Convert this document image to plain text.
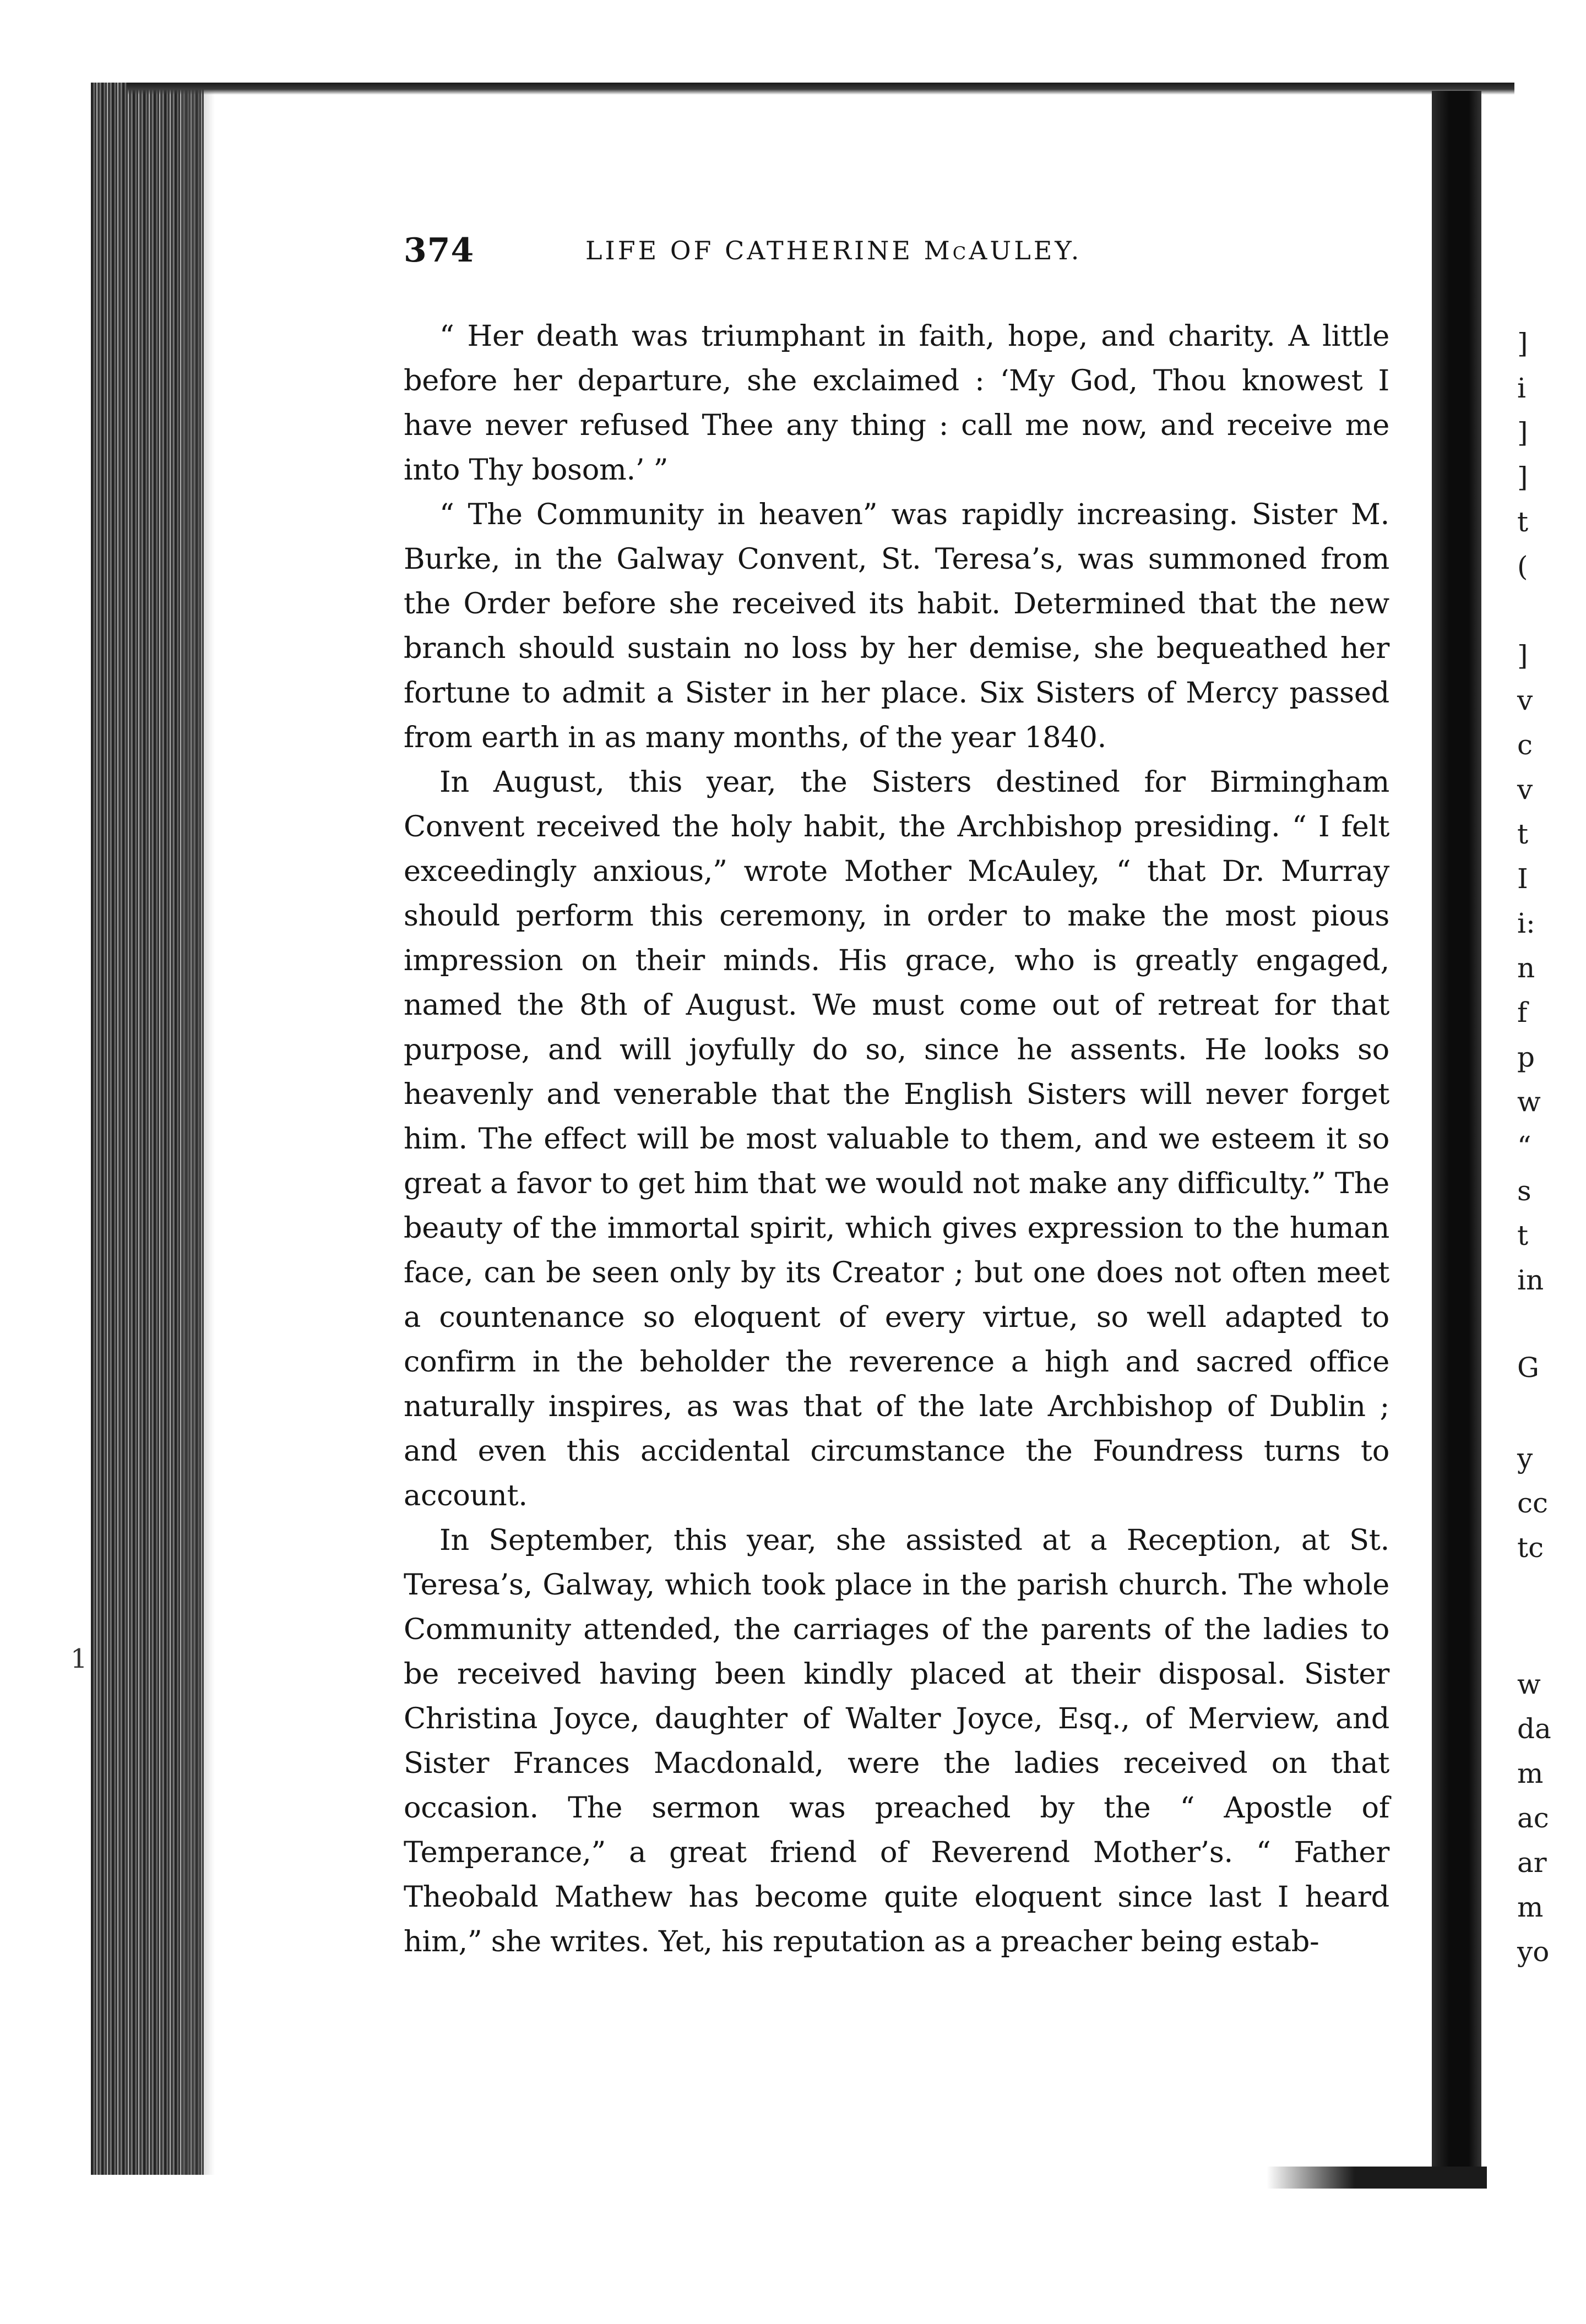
1
374	LIFE OF CATHERINE McAULEY.

“ Her death was triumphant in faith, hope, and charity. A little before her departure, she exclaimed : ‘My God, Thou knowest I have never refused Thee any thing : call me now, and receive me into Thy bosom.’ ”

“ The Community in heaven” was rapidly increasing. Sister M. Burke, in the Galway Convent, St. Teresa’s, was summoned from the Order before she received its habit. Determined that the new branch should sustain no loss by her demise, she bequeathed her fortune to admit a Sister in her place. Six Sisters of Mercy passed from earth in as many months, of the year 1840.

In August, this year, the Sisters destined for Birmingham Convent received the holy habit, the Archbishop presiding. “ I felt exceedingly anxious,” wrote Mother McAuley, “ that Dr. Murray should perform this ceremony, in order to make the most pious impression on their minds. His grace, who is greatly engaged, named the 8th of August. We must come out of retreat for that purpose, and will joyfully do so, since he assents. He looks so heavenly and venerable that the English Sisters will never forget him. The effect will be most valuable to them, and we esteem it so great a favor to get him that we would not make any difficulty.” The beauty of the immortal spirit, which gives expression to the human face, can be seen only by its Creator ; but one does not often meet a countenance so eloquent of every virtue, so well adapted to confirm in the beholder the reverence a high and sacred office naturally inspires, as was that of the late Archbishop of Dublin ; and even this accidental circumstance the Foundress turns to account.

In September, this year, she assisted at a Reception, at St. Teresa’s, Galway, which took place in the parish church. The whole Community attended, the carriages of the parents of the ladies to be received having been kindly placed at their disposal. Sister Christina Joyce, daughter of Walter Joyce, Esq., of Merview, and Sister Frances Macdonald, were the ladies received on that occasion. The sermon was preached by the “ Apostle of Temperance,” a great friend of Reverend Mother’s. “ Father Theobald Mathew has become quite eloquent since last I heard him,” she writes. Yet, his reputation as a preacher being estab-

]
i
]
]
t
(
]
v
c
v
t
I
i:
n
f
p
w
“
s
t
in
G
y
cc
tc
w
da
m
ac
ar
m
yo
